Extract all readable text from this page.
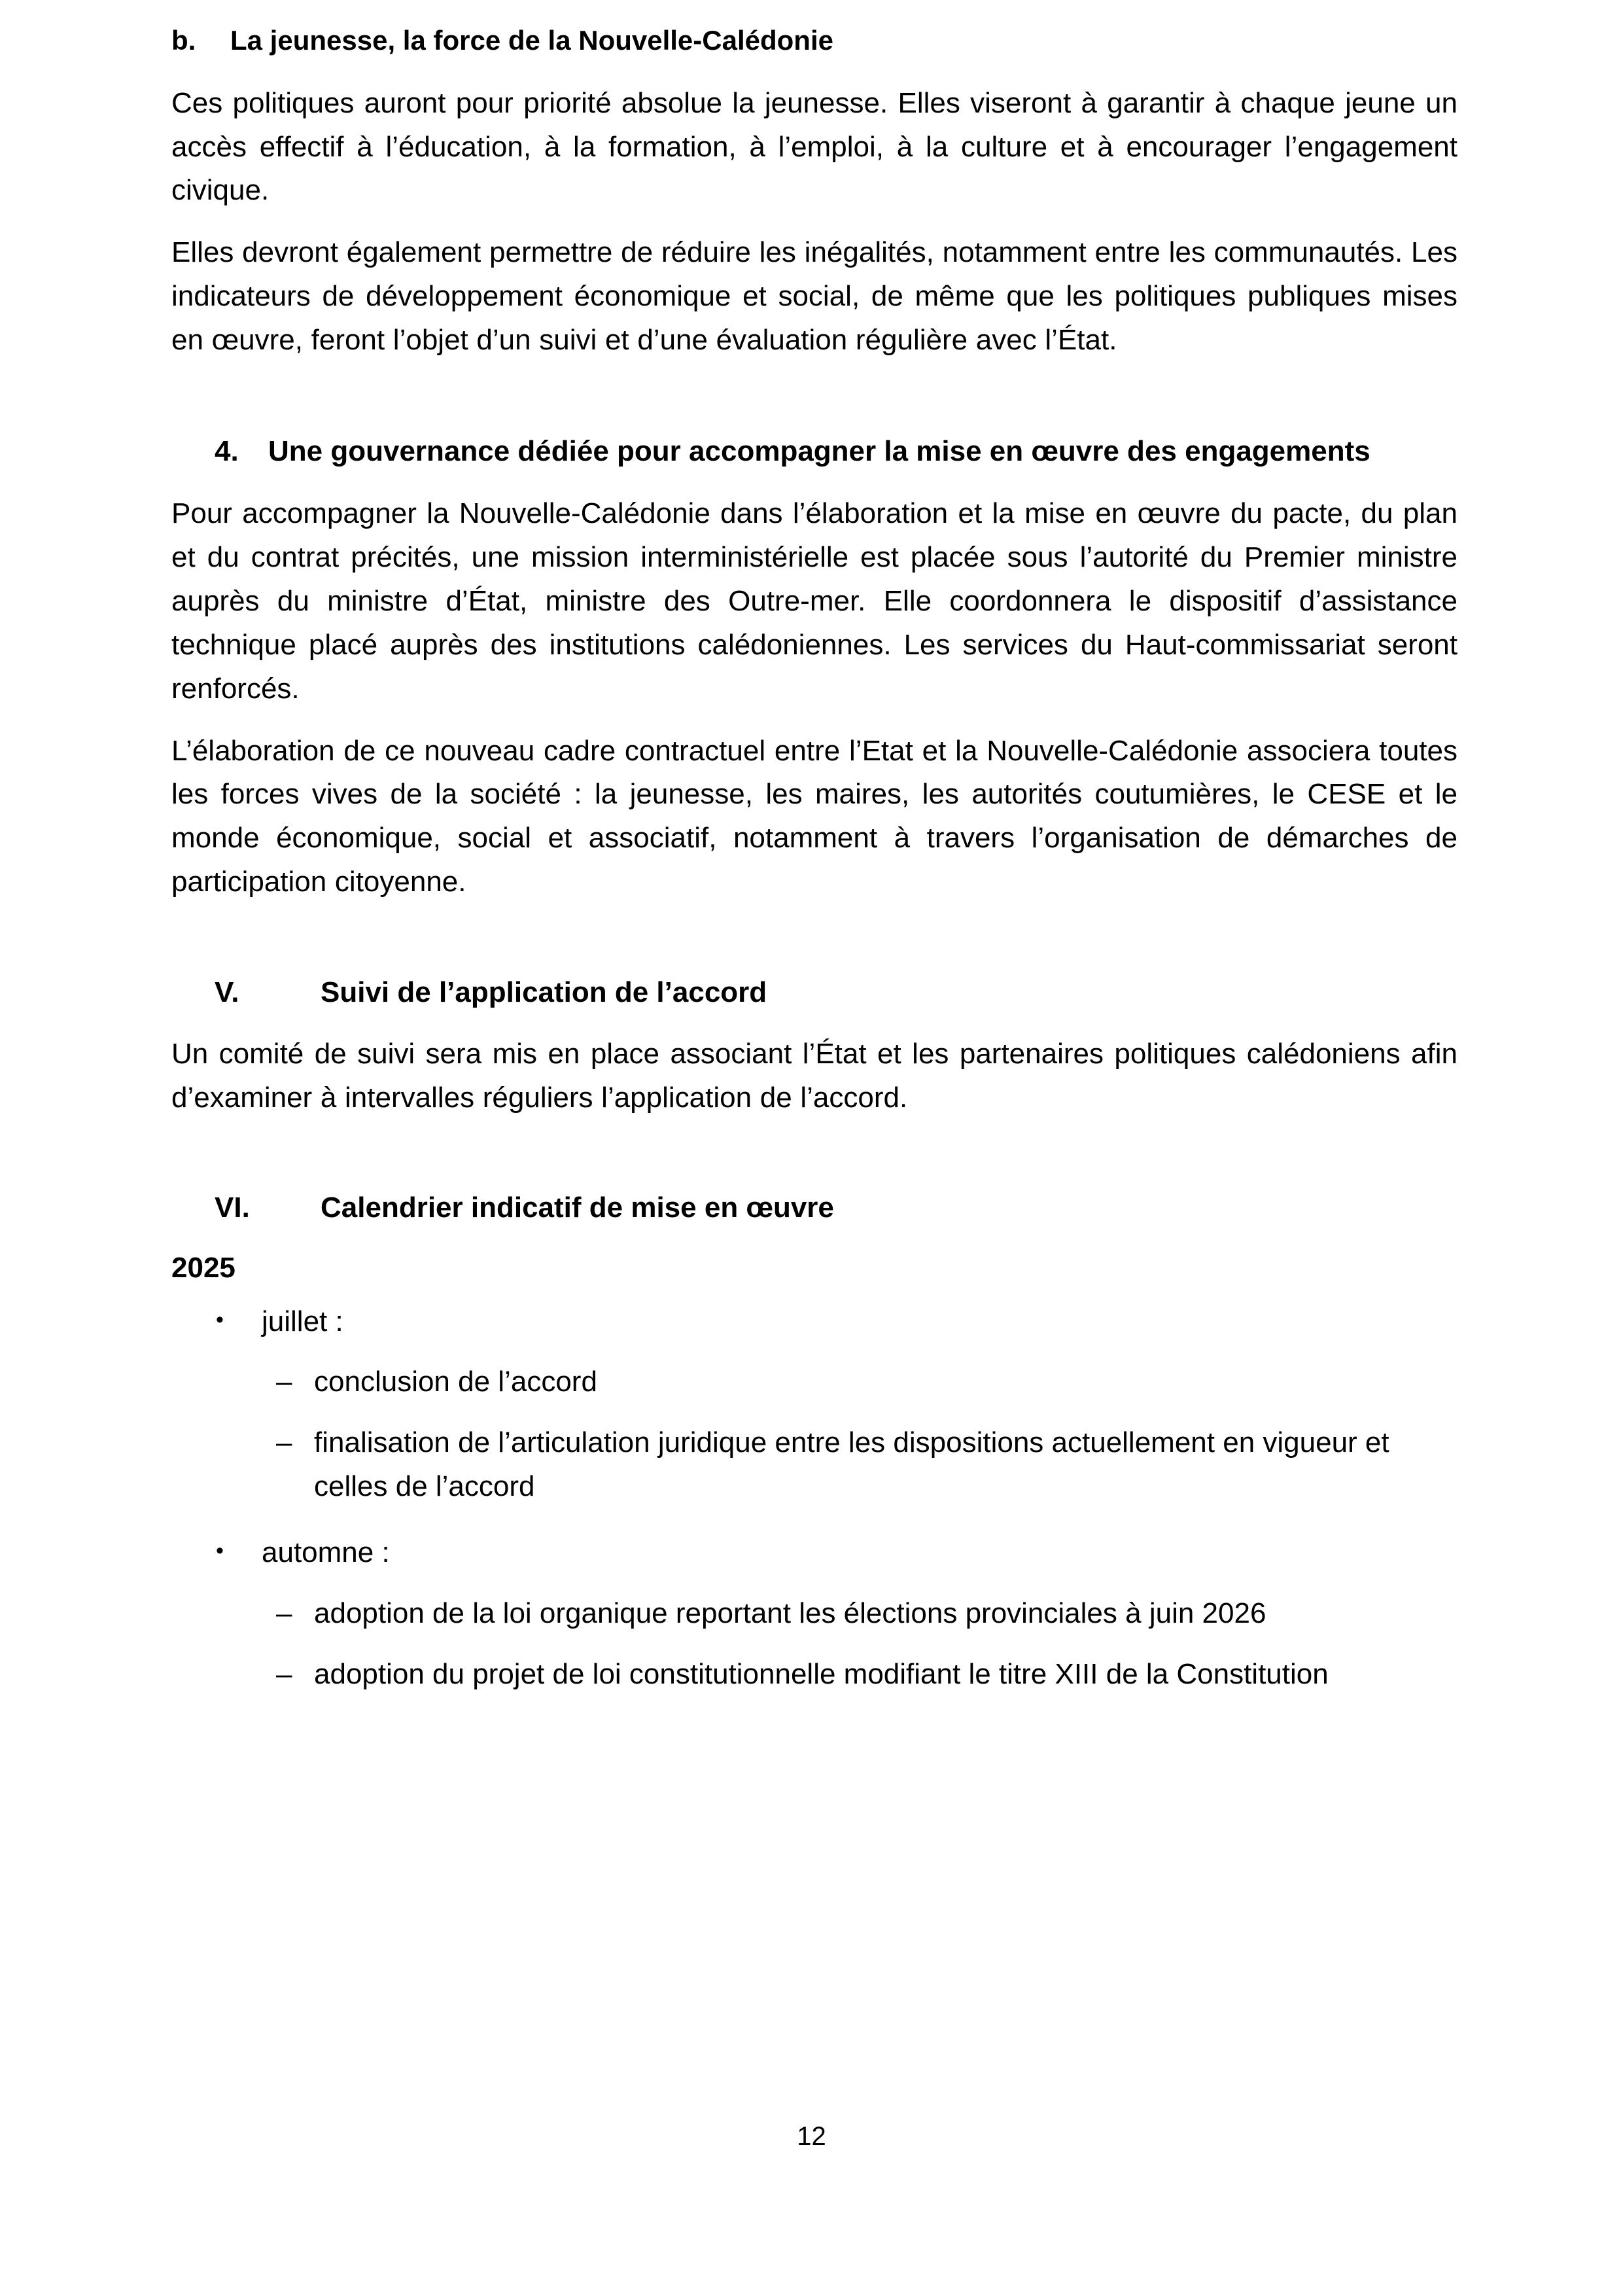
b. La jeunesse, la force de la Nouvelle-Calédonie

Ces politiques auront pour priorité absolue la jeunesse. Elles viseront à garantir à chaque jeune un accès effectif à l’éducation, à la formation, à l’emploi, à la culture et à encourager l’engagement civique.

Elles devront également permettre de réduire les inégalités, notamment entre les communautés. Les indicateurs de développement économique et social, de même que les politiques publiques mises en œuvre, feront l’objet d’un suivi et d’une évaluation régulière avec l’État.

4. Une gouvernance dédiée pour accompagner la mise en œuvre des engagements

Pour accompagner la Nouvelle-Calédonie dans l’élaboration et la mise en œuvre du pacte, du plan et du contrat précités, une mission interministérielle est placée sous l’autorité du Premier ministre auprès du ministre d’État, ministre des Outre-mer. Elle coordonnera le dispositif d’assistance technique placé auprès des institutions calédoniennes. Les services du Haut-commissariat seront renforcés.

L’élaboration de ce nouveau cadre contractuel entre l’Etat et la Nouvelle-Calédonie associera toutes les forces vives de la société : la jeunesse, les maires, les autorités coutumières, le CESE et le monde économique, social et associatif, notamment à travers l’organisation de démarches de participation citoyenne.

V.	Suivi de l’application de l’accord

Un comité de suivi sera mis en place associant l’État et les partenaires politiques calédoniens afin d’examiner à intervalles réguliers l’application de l’accord.

VI. Calendrier indicatif de mise en œuvre

2025

• juillet :
– conclusion de l’accord
– finalisation de l’articulation juridique entre les dispositions actuellement en vigueur et celles de l’accord
• automne :
– adoption de la loi organique reportant les élections provinciales à juin 2026
– adoption du projet de loi constitutionnelle modifiant le titre XIII de la Constitution
12
